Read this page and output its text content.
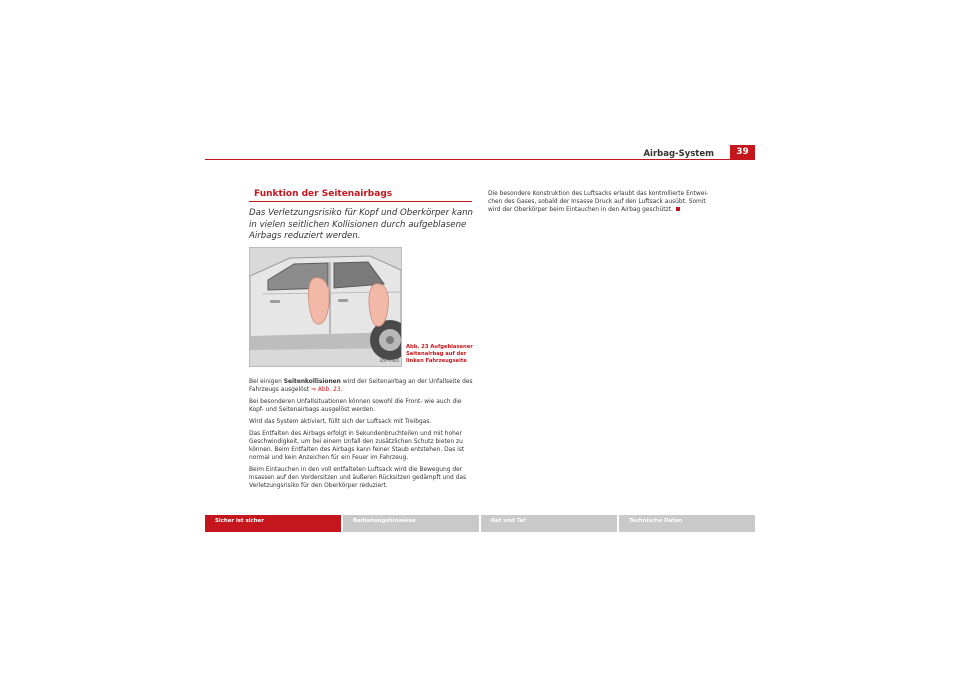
Airbag-System	39
Funktion der Seitenairbags
Das Verletzungsrisiko für Kopf und Oberkörper kann in vielen seitlichen Kollisionen durch aufgeblasene Airbags reduziert werden.
B5P-0485
Abb. 23 Aufgeblasener Seitenairbag auf der linken Fahrzeugseite

Bei einigen Seitenkollisionen wird der Seitenairbag an der Unfallseite des Fahrzeugs ausgelöst ⇒ Abb. 23.

Bei besonderen Unfallsituationen können sowohl die Front- wie auch die Kopf- und Seitenairbags ausgelöst werden.

Wird das System aktiviert, füllt sich der Luftsack mit Treibgas.

Das Entfalten des Airbags erfolgt in Sekundenbruchteilen und mit hoher Geschwindigkeit, um bei einem Unfall den zusätzlichen Schutz bieten zu können. Beim Entfalten des Airbags kann feiner Staub entstehen. Das ist normal und kein Anzeichen für ein Feuer im Fahrzeug.

Beim Eintauchen in den voll entfalteten Luftsack wird die Bewegung der Insassen auf den Vordersitzen und äußeren Rücksitzen gedämpft und das Verletzungsrisiko für den Oberkörper reduziert.

Die besondere Konstruktion des Luftsacks erlaubt das kontrollierte Entwei-chen des Gases, sobald der Insasse Druck auf den Luftsack ausübt. Somit wird der Oberkörper beim Eintauchen in den Airbag geschützt.

Sicher ist sicher	Bedienungshinweise	Rat und Tat	Technische Daten
